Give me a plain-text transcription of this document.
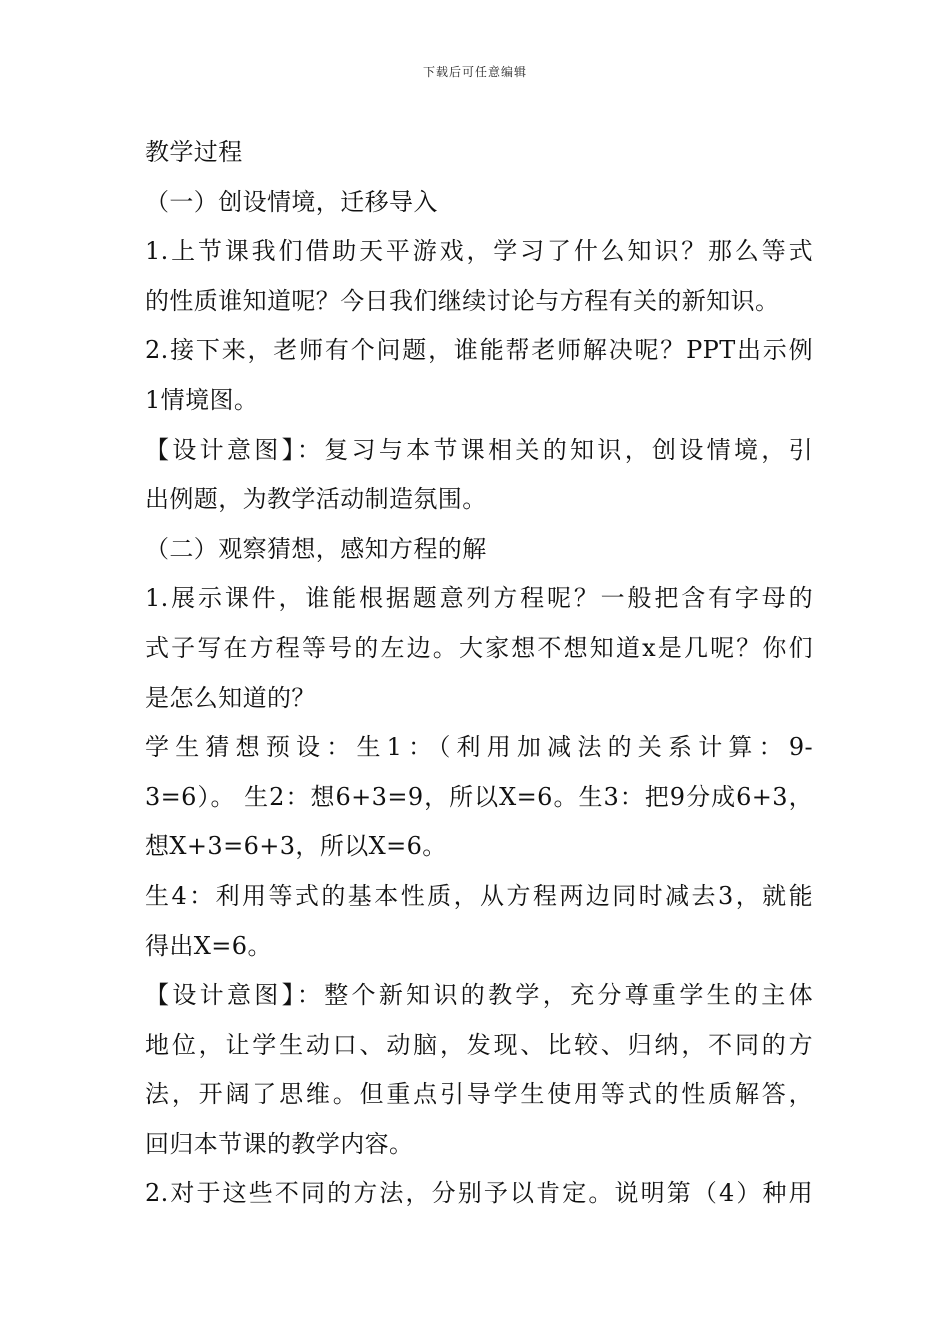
下载后可任意编辑
教学过程
（一）创设情境，迁移导入
1.上节课我们借助天平游戏，学习了什么知识？那么等式
的性质谁知道呢？今日我们继续讨论与方程有关的新知识。
2.接下来，老师有个问题，谁能帮老师解决呢？PPT出示例
1情境图。
【设计意图】：复习与本节课相关的知识，创设情境，引
出例题，为教学活动制造氛围。
（二）观察猜想，感知方程的解
1.展示课件，谁能根据题意列方程呢？一般把含有字母的
式子写在方程等号的左边。大家想不想知道x是几呢？你们
是怎么知道的？
学生猜想预设：生1：（利用加减法的关系计算：9-
3=6）。 生2：想6+3=9，所以X=6。生3：把9分成6+3，
想X+3=6+3，所以X=6。
生4：利用等式的基本性质，从方程两边同时减去3，就能
得出X=6。
【设计意图】：整个新知识的教学，充分尊重学生的主体
地位，让学生动口、动脑，发现、比较、归纳，不同的方
法，开阔了思维。但重点引导学生使用等式的性质解答，
回归本节课的教学内容。
2.对于这些不同的方法，分别予以肯定。说明第（4）种用
